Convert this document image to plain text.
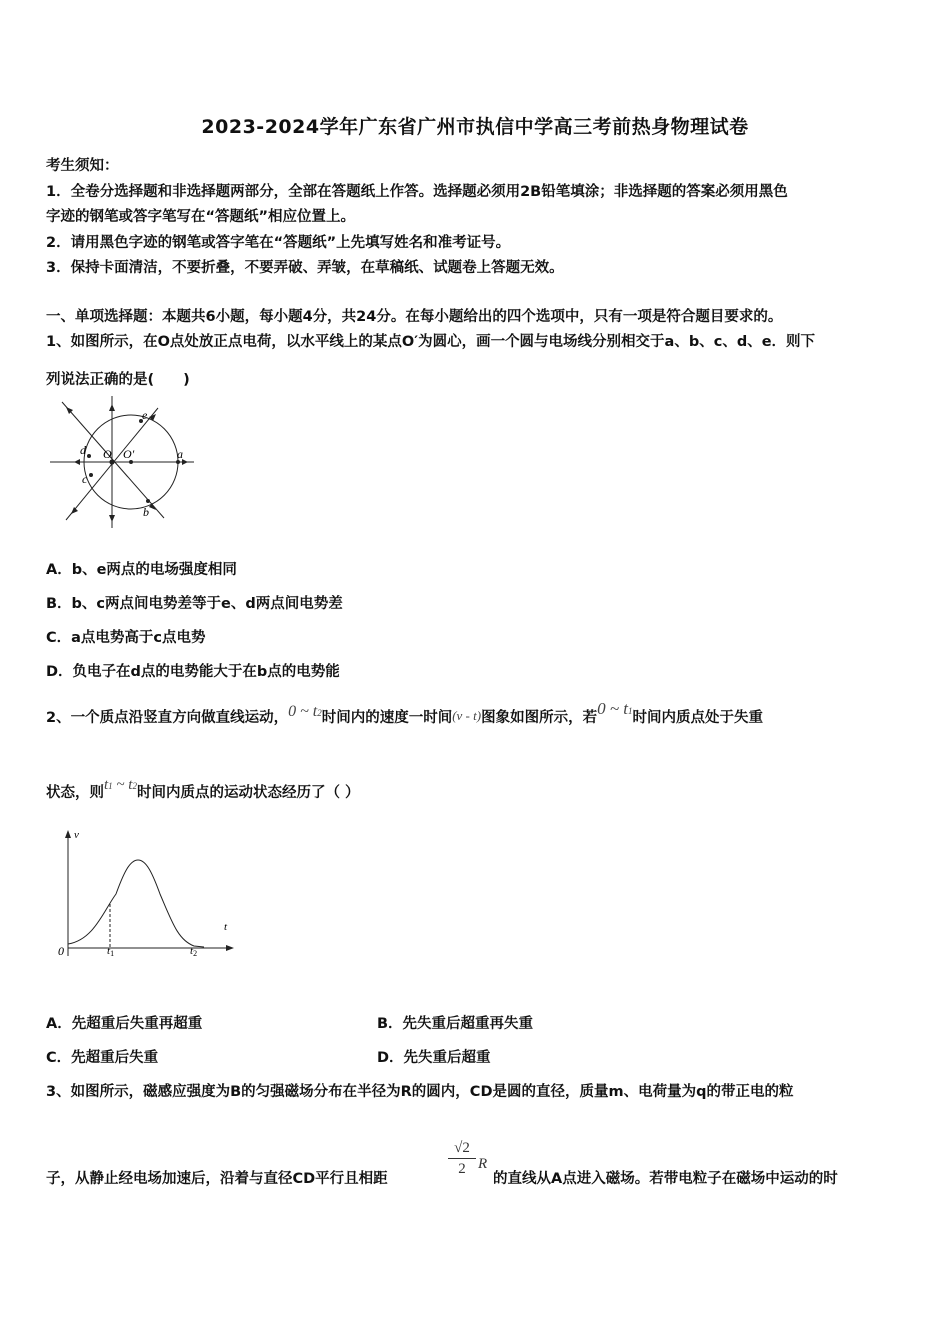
2023-2024学年广东省广州市执信中学高三考前热身物理试卷
考生须知：
1．全卷分选择题和非选择题两部分，全部在答题纸上作答。选择题必须用2B铅笔填涂；非选择题的答案必须用黑色
字迹的钢笔或答字笔写在“答题纸”相应位置上。
2．请用黑色字迹的钢笔或答字笔在“答题纸”上先填写姓名和准考证号。
3．保持卡面清洁，不要折叠，不要弄破、弄皱，在草稿纸、试题卷上答题无效。
一、单项选择题：本题共6小题，每小题4分，共24分。在每小题给出的四个选项中，只有一项是符合题目要求的。
1、如图所示，在O点处放正点电荷，以水平线上的某点O′为圆心，画一个圆与电场线分别相交于a、b、c、d、e．则下
列说法正确的是(　　)
e
d O O′	a
c
b
A．b、e两点的电场强度相同
B．b、c两点间电势差等于e、d两点间电势差
C．a点电势高于c点电势
D．负电子在d点的电势能大于在b点的电势能
2、一个质点沿竖直方向做直线运动，0 ~ t2时间内的速度一时间(v - t)图象如图所示，若0 ~ t1时间内质点处于失重
状态，则t1 ~ t2时间内质点的运动状态经历了（ ）
v
t
0	t1	t2
A．先超重后失重再超重	B．先失重后超重再失重
C．先超重后失重	D．先失重后超重
3、如图所示，磁感应强度为B的匀强磁场分布在半径为R的圆内，CD是圆的直径，质量m、电荷量为q的带正电的粒
子，从静止经电场加速后，沿着与直径CD平行且相距
$\frac{√2}{2}$ R
的直线从A点进入磁场。若带电粒子在磁场中运动的时
